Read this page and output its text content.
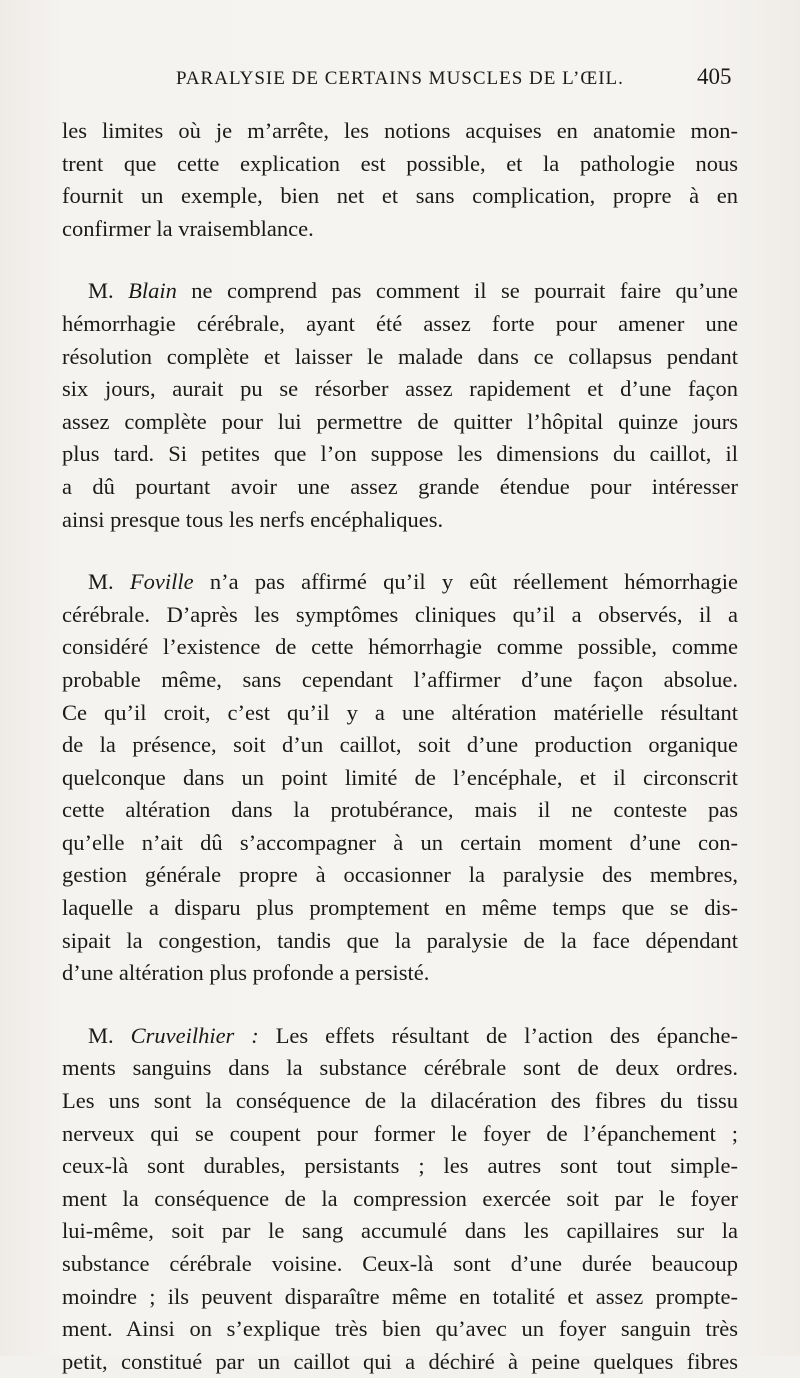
PARALYSIE DE CERTAINS MUSCLES DE L’ŒIL.	405
les limites où je m’arrête, les notions acquises en anatomie mon-
trent que cette explication est possible, et la pathologie nous
fournit un exemple, bien net et sans complication, propre à en
confirmer la vraisemblance.
M. Blain ne comprend pas comment il se pourrait faire qu’une
hémorrhagie cérébrale, ayant été assez forte pour amener une
résolution complète et laisser le malade dans ce collapsus pendant
six jours, aurait pu se résorber assez rapidement et d’une façon
assez complète pour lui permettre de quitter l’hôpital quinze jours
plus tard. Si petites que l’on suppose les dimensions du caillot, il
a dû pourtant avoir une assez grande étendue pour intéresser
ainsi presque tous les nerfs encéphaliques.
M. Foville n’a pas affirmé qu’il y eût réellement hémorrhagie
cérébrale. D’après les symptômes cliniques qu’il a observés, il a
considéré l’existence de cette hémorrhagie comme possible, comme
probable même, sans cependant l’affirmer d’une façon absolue.
Ce qu’il croit, c’est qu’il y a une altération matérielle résultant
de la présence, soit d’un caillot, soit d’une production organique
quelconque dans un point limité de l’encéphale, et il circonscrit
cette altération dans la protubérance, mais il ne conteste pas
qu’elle n’ait dû s’accompagner à un certain moment d’une con-
gestion générale propre à occasionner la paralysie des membres,
laquelle a disparu plus promptement en même temps que se dis-
sipait la congestion, tandis que la paralysie de la face dépendant
d’une altération plus profonde a persisté.
M. Cruveilhier : Les effets résultant de l’action des épanche-
ments sanguins dans la substance cérébrale sont de deux ordres.
Les uns sont la conséquence de la dilacération des fibres du tissu
nerveux qui se coupent pour former le foyer de l’épanchement ;
ceux-là sont durables, persistants ; les autres sont tout simple-
ment la conséquence de la compression exercée soit par le foyer
lui-même, soit par le sang accumulé dans les capillaires sur la
substance cérébrale voisine. Ceux-là sont d’une durée beaucoup
moindre ; ils peuvent disparaître même en totalité et assez prompte-
ment. Ainsi on s’explique très bien qu’avec un foyer sanguin très
petit, constitué par un caillot qui a déchiré à peine quelques fibres
